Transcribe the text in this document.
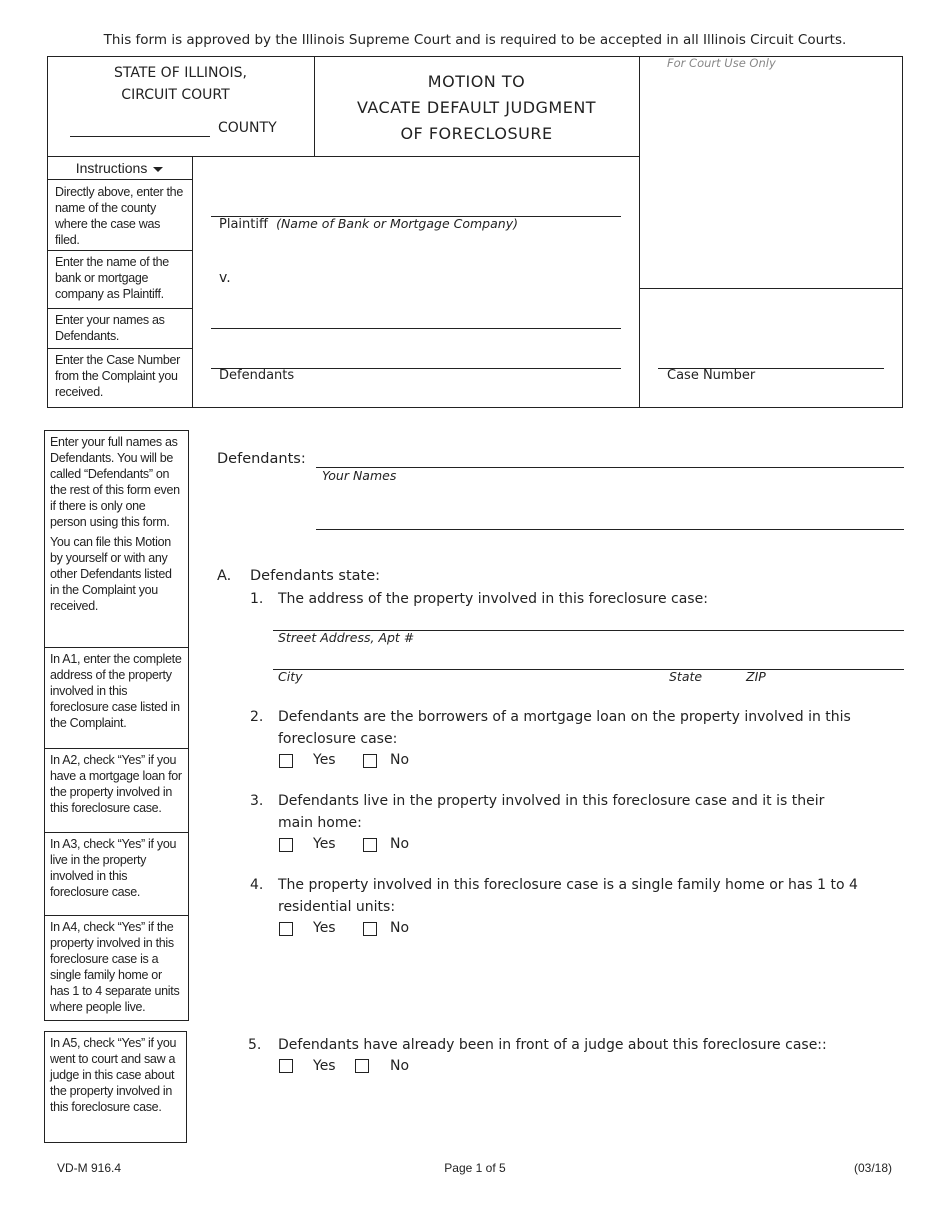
This form is approved by the Illinois Supreme Court and is required to be accepted in all Illinois Circuit Courts.
STATE OF ILLINOIS,
CIRCUIT COURT
COUNTY
MOTION TO
VACATE DEFAULT JUDGMENT
OF FORECLOSURE
For Court Use Only
Instructions
Directly above, enter the name of the county where the case was filed.
Enter the name of the bank or mortgage company as Plaintiff.
Enter your names as Defendants.
Enter the Case Number from the Complaint you received.
Plaintiff (Name of Bank or Mortgage Company)
v.
Defendants	Case Number

Enter your full names as Defendants. You will be called “Defendants” on the rest of this form even if there is only one person using this form.

You can file this Motion by yourself or with any other Defendants listed in the Complaint you received.

In A1, enter the complete address of the property involved in this foreclosure case listed in the Complaint.

In A2, check “Yes” if you have a mortgage loan for the property involved in this foreclosure case.

In A3, check “Yes” if you live in the property involved in this foreclosure case.

In A4, check “Yes” if the property involved in this foreclosure case is a single family home or has 1 to 4 separate units where people live.

In A5, check “Yes” if you went to court and saw a judge in this case about the property involved in this foreclosure case.

Defendants:
Your Names
A. Defendants state:
1. The address of the property involved in this foreclosure case:
Street Address, Apt #
City	State	ZIP
2. Defendants are the borrowers of a mortgage loan on the property involved in this foreclosure case:
Yes	No
3. Defendants live in the property involved in this foreclosure case and it is their main home:
Yes	No
4. The property involved in this foreclosure case is a single family home or has 1 to 4 residential units:
Yes	No
5. Defendants have already been in front of a judge about this foreclosure case::
Yes	No
VD-M 916.4	Page 1 of 5	(03/18)
